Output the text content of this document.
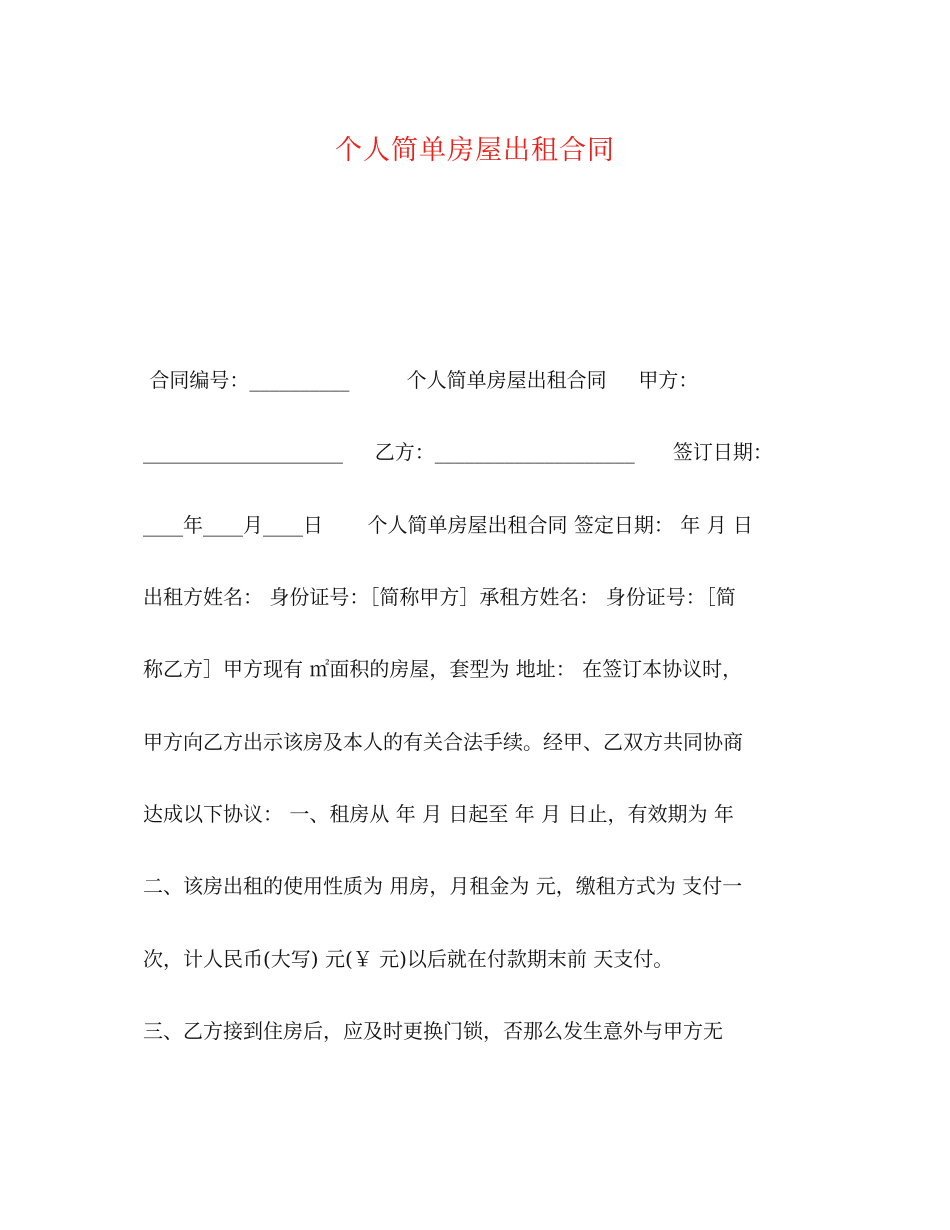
个人简单房屋出租合同
合同编号：__________         个人简单房屋出租合同     甲方：
____________________     乙方：____________________      签订日期：
____年____月____日       个人简单房屋出租合同 签定日期： 年 月 日
出租方姓名： 身份证号：［简称甲方］承租方姓名： 身份证号：［简
称乙方］甲方现有 ㎡面积的房屋，套型为 地址： 在签订本协议时，
甲方向乙方出示该房及本人的有关合法手续。经甲、乙双方共同协商
达成以下协议： 一、租房从 年 月 日起至 年 月 日止，有效期为 年
二、该房出租的使用性质为 用房，月租金为 元，缴租方式为 支付一
次，计人民币(大写) 元(￥ 元)以后就在付款期末前 天支付。
三、乙方接到住房后，应及时更换门锁，否那么发生意外与甲方无
